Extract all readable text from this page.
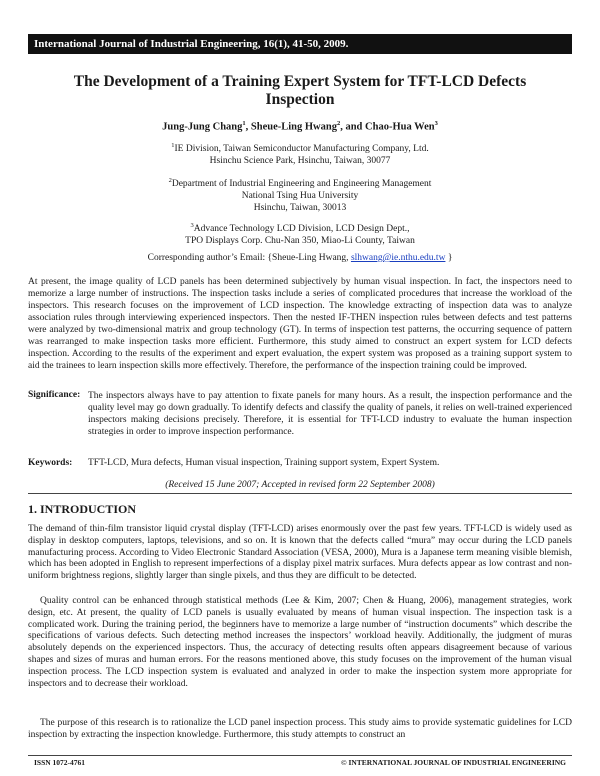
International Journal of Industrial Engineering, 16(1), 41-50, 2009.
The Development of a Training Expert System for TFT-LCD Defects Inspection
Jung-Jung Chang$^1$, Sheue-Ling Hwang$^2$, and Chao-Hua Wen$^3$
$^1$IE Division, Taiwan Semiconductor Manufacturing Company, Ltd.
Hsinchu Science Park, Hsinchu, Taiwan, 30077
$^2$Department of Industrial Engineering and Engineering Management
National Tsing Hua University
Hsinchu, Taiwan, 30013
$^3$Advance Technology LCD Division, LCD Design Dept.,
TPO Displays Corp. Chu-Nan 350, Miao-Li County, Taiwan
Corresponding author’s Email: {Sheue-Ling Hwang, slhwang@ie.nthu.edu.tw }

At present, the image quality of LCD panels has been determined subjectively by human visual inspection. In fact, the inspectors need to memorize a large number of instructions. The inspection tasks include a series of complicated procedures that increase the workload of the inspectors. This research focuses on the improvement of LCD inspection. The knowledge extracting of inspection data was to analyze association rules through interviewing experienced inspectors. Then the nested IF-THEN inspection rules between defects and test patterns were analyzed by two-dimensional matrix and group technology (GT). In terms of inspection test patterns, the occurring sequence of pattern was rearranged to make inspection tasks more efficient. Furthermore, this study aimed to construct an expert system for LCD defects inspection. According to the results of the experiment and expert evaluation, the expert system was proposed as a training support system to aid the trainees to learn inspection skills more effectively. Therefore, the performance of the inspection training could be improved.

Significance: The inspectors always have to pay attention to fixate panels for many hours. As a result, the inspection performance and the quality level may go down gradually. To identify defects and classify the quality of panels, it relies on well-trained experienced inspectors making decisions precisely. Therefore, it is essential for TFT-LCD industry to evaluate the human inspection strategies in order to improve inspection performance.

Keywords: TFT-LCD, Mura defects, Human visual inspection, Training support system, Expert System.
(Received 15 June 2007; Accepted in revised form 22 September 2008)
1. INTRODUCTION

The demand of thin-film transistor liquid crystal display (TFT-LCD) arises enormously over the past few years. TFT-LCD is widely used as display in desktop computers, laptops, televisions, and so on. It is known that the defects called “mura” may occur during the LCD panels manufacturing process. According to Video Electronic Standard Association (VESA, 2000), Mura is a Japanese term meaning visible blemish, which has been adopted in English to represent imperfections of a display pixel matrix surfaces. Mura defects appear as low contrast and non-uniform brightness regions, slightly larger than single pixels, and thus they are difficult to be detected.

Quality control can be enhanced through statistical methods (Lee & Kim, 2007; Chen & Huang, 2006), management strategies, work design, etc. At present, the quality of LCD panels is usually evaluated by means of human visual inspection. The inspection task is a complicated work. During the training period, the beginners have to memorize a large number of “instruction documents” which describe the specifications of various defects. Such detecting method increases the inspectors’ workload heavily. Additionally, the judgment of muras absolutely depends on the experienced inspectors. Thus, the accuracy of detecting results often appears disagreement because of various shapes and sizes of muras and human errors. For the reasons mentioned above, this study focuses on the improvement of the human visual inspection process. The LCD inspection system is evaluated and analyzed in order to make the inspection system more appropriate for inspectors and to decrease their workload.

The purpose of this research is to rationalize the LCD panel inspection process. This study aims to provide systematic guidelines for LCD inspection by extracting the inspection knowledge. Furthermore, this study attempts to construct an

ISSN 1072-4761	© INTERNATIONAL JOURNAL OF INDUSTRIAL ENGINEERING
